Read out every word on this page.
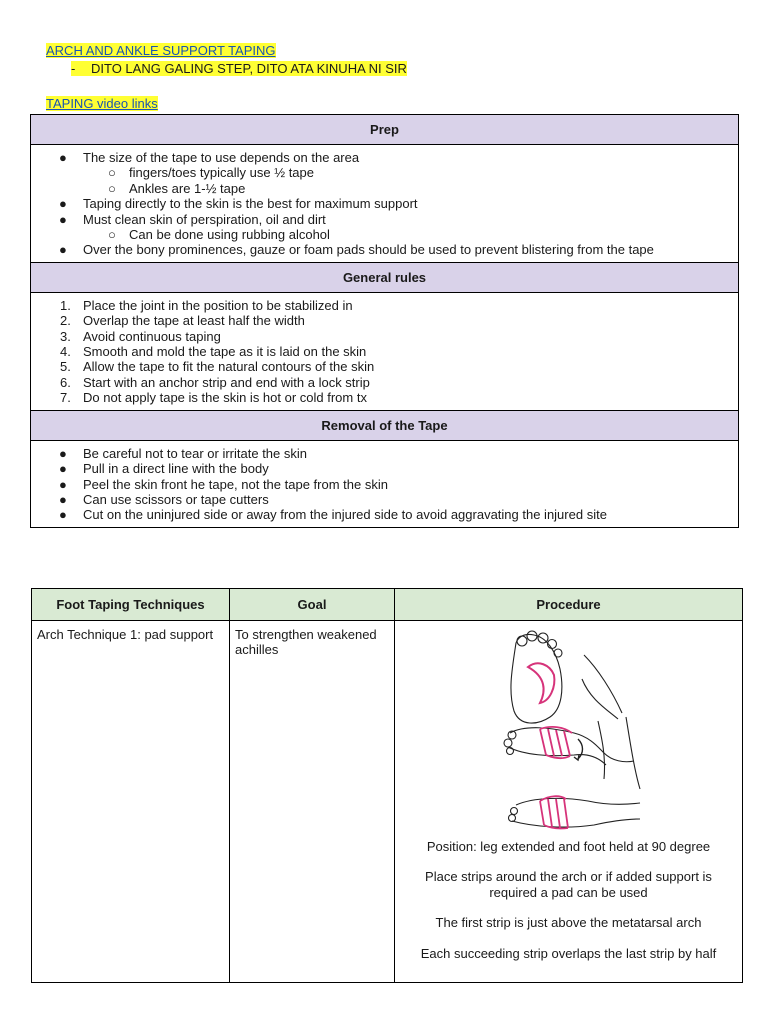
ARCH AND ANKLE SUPPORT TAPING
- DITO LANG GALING STEP, DITO ATA KINUHA NI SIR
TAPING video links
Prep

● The size of the tape to use depends on the area
○ fingers/toes typically use ½ tape
○ Ankles are 1-½ tape
● Taping directly to the skin is the best for maximum support
● Must clean skin of perspiration, oil and dirt
○ Can be done using rubbing alcohol
● Over the bony prominences, gauze or foam pads should be used to prevent blistering from the tape

General rules

1. Place the joint in the position to be stabilized in
2. Overlap the tape at least half the width
3. Avoid continuous taping
4. Smooth and mold the tape as it is laid on the skin
5. Allow the tape to fit the natural contours of the skin
6. Start with an anchor strip and end with a lock strip
7. Do not apply tape is the skin is hot or cold from tx

Removal of the Tape

● Be careful not to tear or irritate the skin
● Pull in a direct line with the body
● Peel the skin front he tape, not the tape from the skin
● Can use scissors or tape cutters
● Cut on the uninjured side or away from the injured side to avoid aggravating the injured site
Foot Taping Techniques	Goal	Procedure
Arch Technique 1: pad support	To strengthen weakened achilles	Position: leg extended and foot held at 90 degree

Place strips around the arch or if added support is required a pad can be used

The first strip is just above the metatarsal arch

Each succeeding strip overlaps the last strip by half
